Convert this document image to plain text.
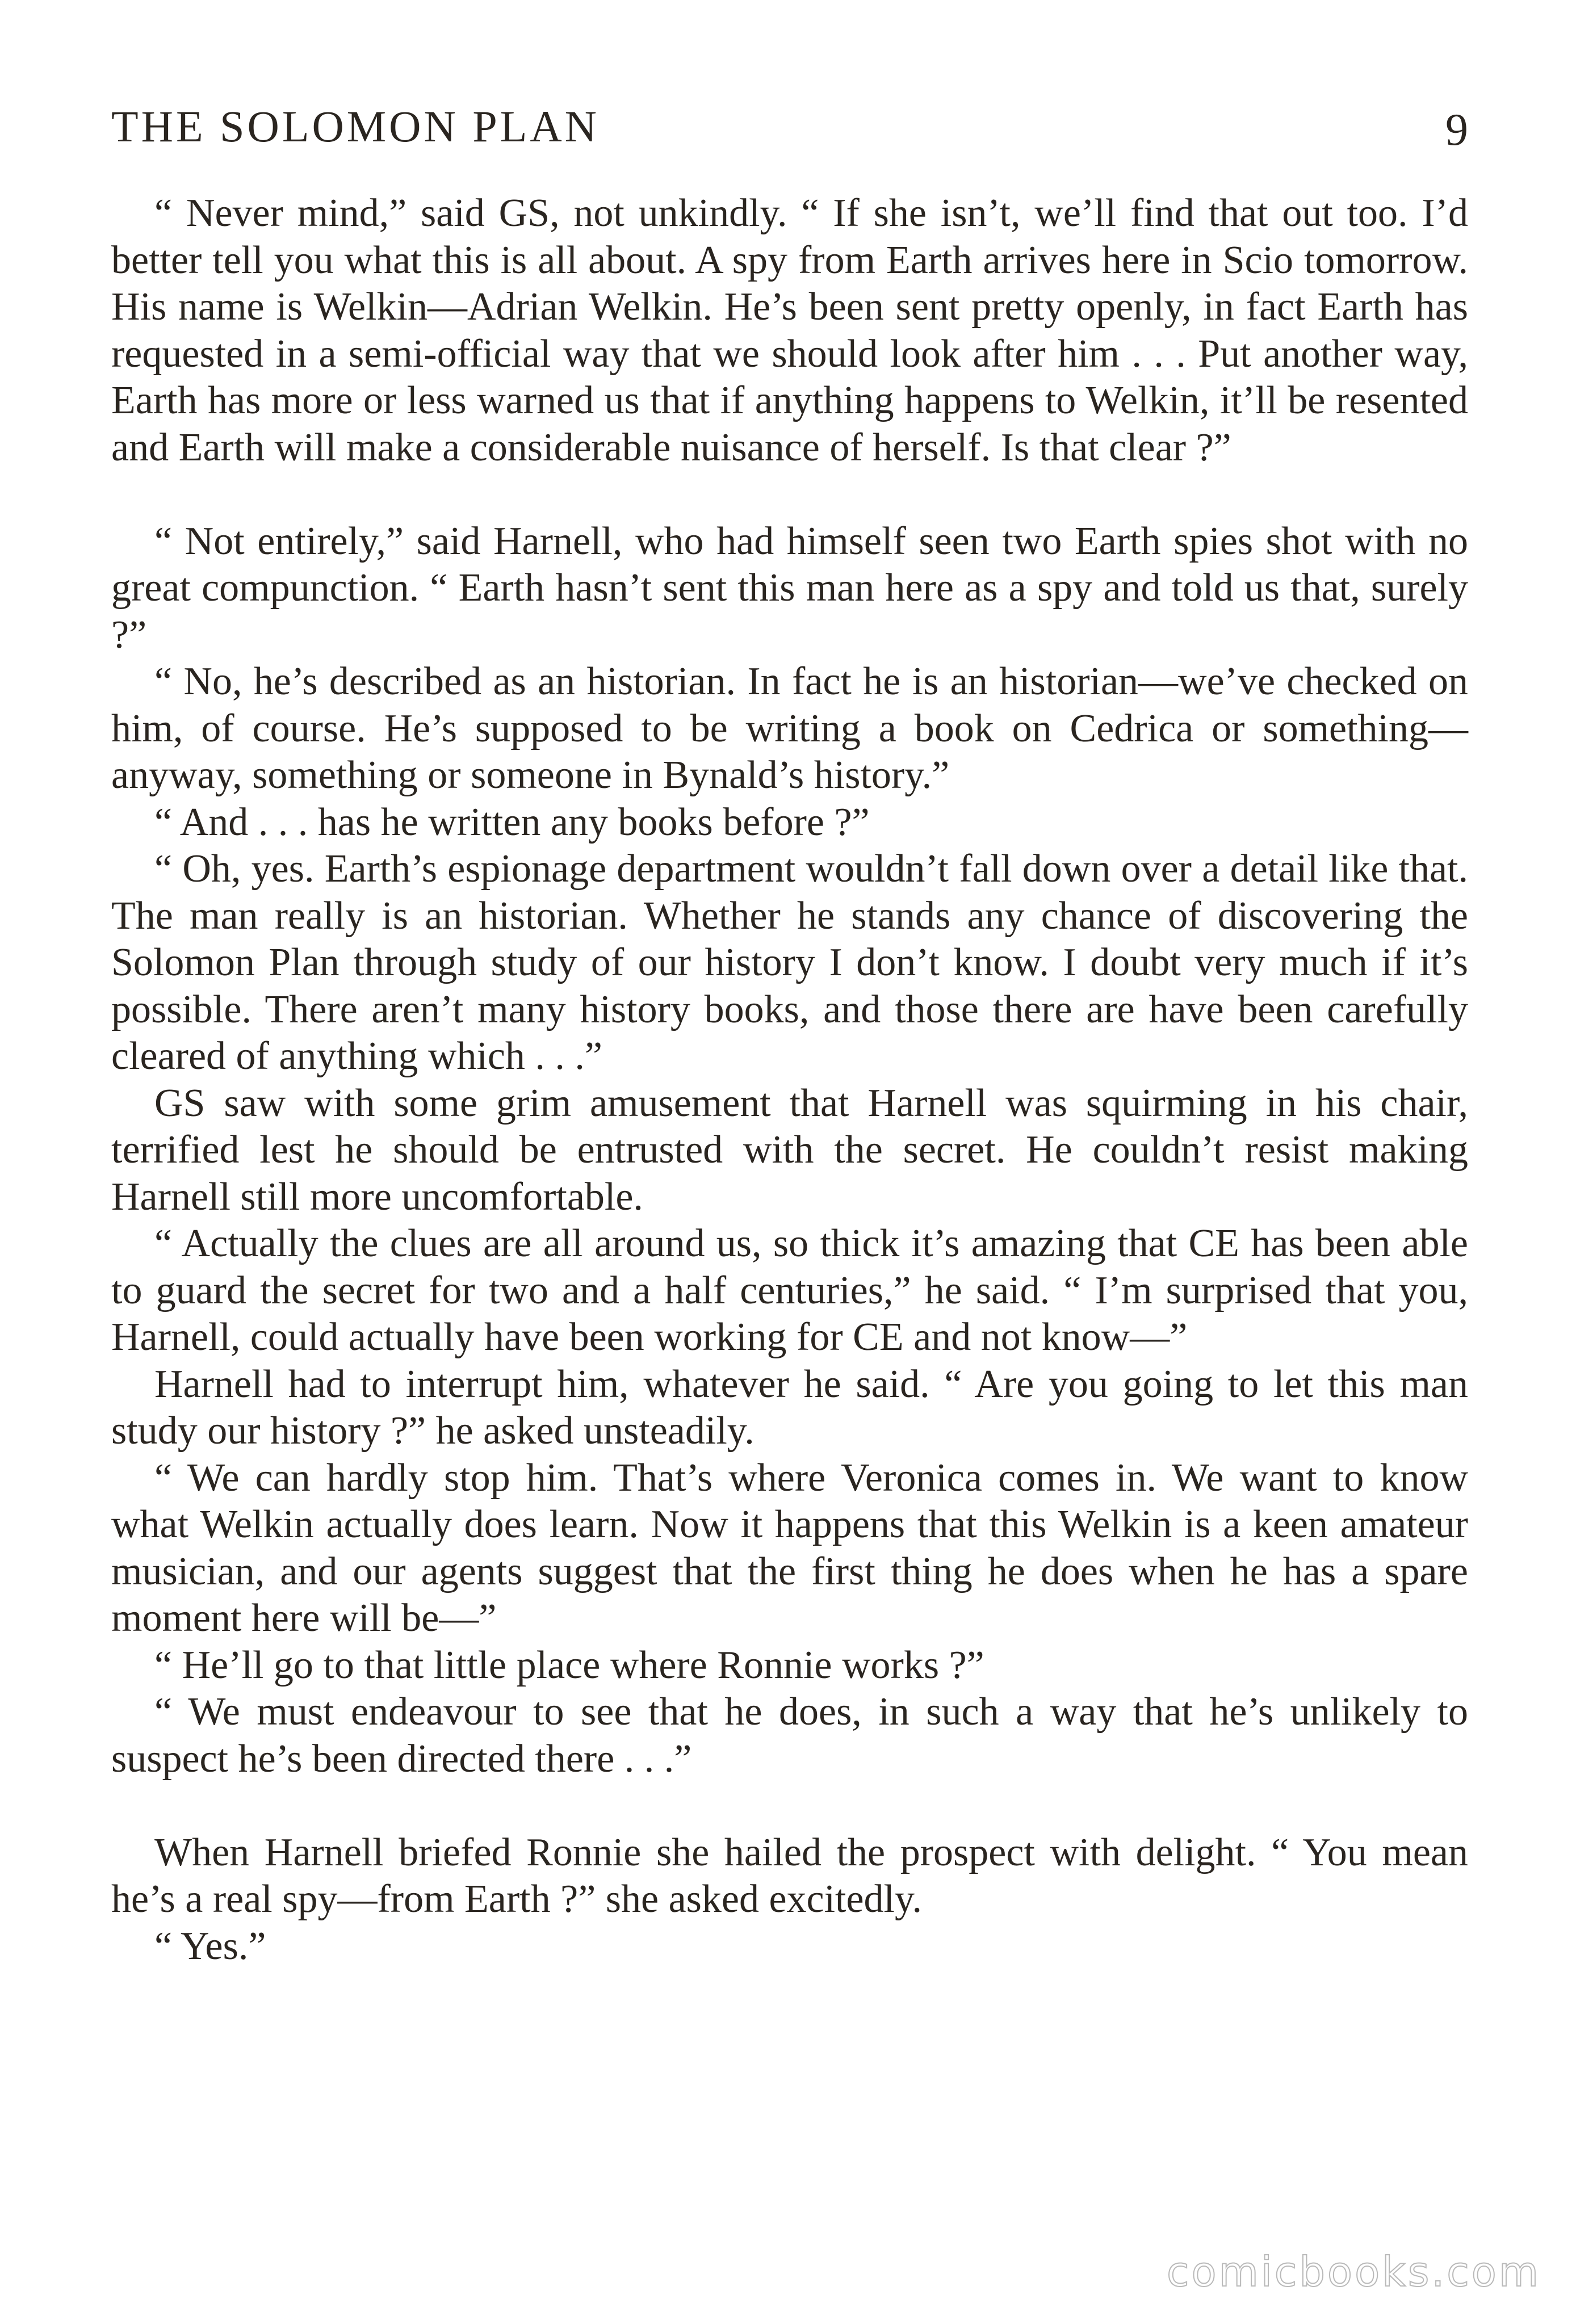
THE SOLOMON PLAN	9

“ Never mind,” said GS, not unkindly. “ If she isn’t, we’ll find that out too. I’d better tell you what this is all about. A spy from Earth arrives here in Scio tomorrow. His name is Welkin—Adrian Welkin. He’s been sent pretty openly, in fact Earth has requested in a semi-official way that we should look after him . . . Put another way, Earth has more or less warned us that if anything happens to Welkin, it’ll be resented and Earth will make a considerable nuisance of herself. Is that clear ?”

“ Not entirely,” said Harnell, who had himself seen two Earth spies shot with no great compunction. “ Earth hasn’t sent this man here as a spy and told us that, surely ?”

“ No, he’s described as an historian. In fact he is an historian—we’ve checked on him, of course. He’s supposed to be writing a book on Cedrica or something—anyway, something or someone in Bynald’s history.”

“ And . . . has he written any books before ?”

“ Oh, yes. Earth’s espionage department wouldn’t fall down over a detail like that. The man really is an historian. Whether he stands any chance of discovering the Solomon Plan through study of our history I don’t know. I doubt very much if it’s possible. There aren’t many history books, and those there are have been carefully cleared of anything which . . .”

GS saw with some grim amusement that Harnell was squirming in his chair, terrified lest he should be entrusted with the secret. He couldn’t resist making Harnell still more uncomfortable.

“ Actually the clues are all around us, so thick it’s amazing that CE has been able to guard the secret for two and a half centuries,” he said. “ I’m surprised that you, Harnell, could actually have been working for CE and not know—”

Harnell had to interrupt him, whatever he said. “ Are you going to let this man study our history ?” he asked unsteadily.

“ We can hardly stop him. That’s where Veronica comes in. We want to know what Welkin actually does learn. Now it happens that this Welkin is a keen amateur musician, and our agents suggest that the first thing he does when he has a spare moment here will be—”

“ He’ll go to that little place where Ronnie works ?”

“ We must endeavour to see that he does, in such a way that he’s unlikely to suspect he’s been directed there . . .”

When Harnell briefed Ronnie she hailed the prospect with delight. “ You mean he’s a real spy—from Earth ?” she asked excitedly.

“ Yes.”

comicbooks.com
